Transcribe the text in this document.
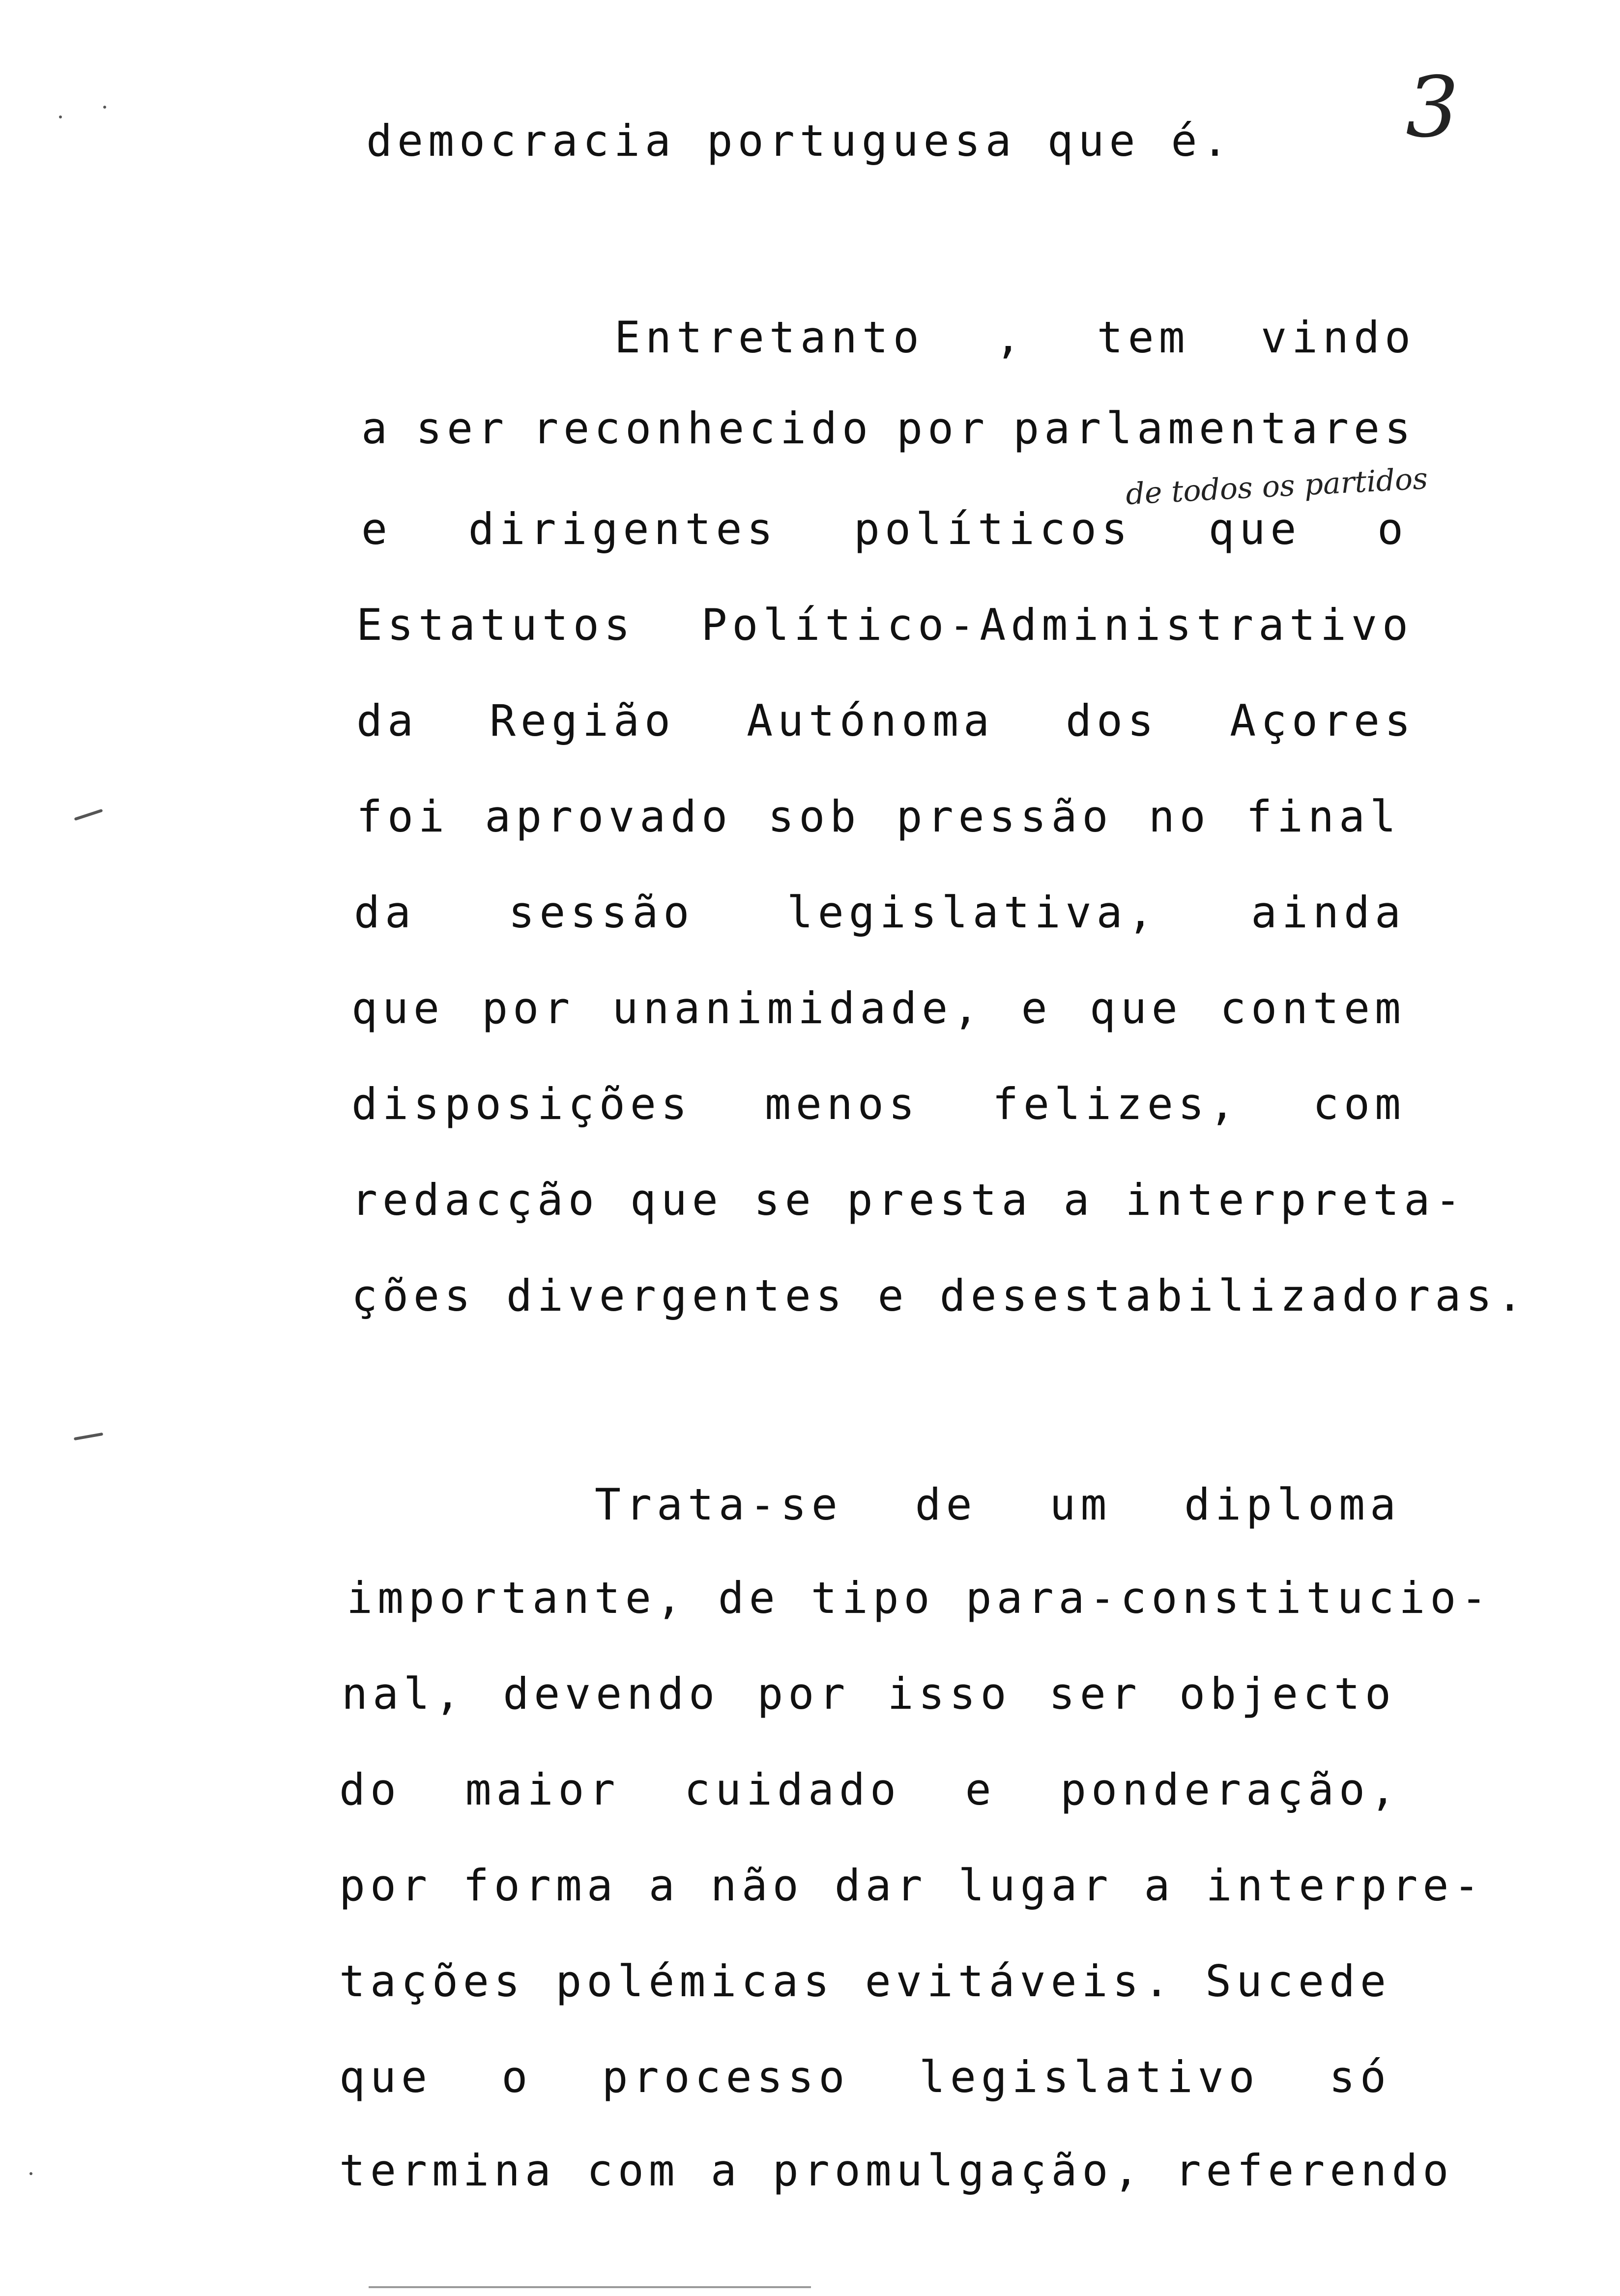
3
de todos os partidos
democracia portuguesa que é.
Entretanto , tem vindo
a ser reconhecido por parlamentares
e dirigentes políticos que o
Estatutos Político-Administrativo
da Região Autónoma dos Açores
foi aprovado sob pressão no final
da sessão legislativa, ainda
que por unanimidade, e que contem
disposições menos felizes, com
redacção que se presta a interpreta-
ções divergentes e desestabilizadoras.
Trata-se de um diploma
importante, de tipo para-constitucio-
nal, devendo por isso ser objecto
do maior cuidado e ponderação,
por forma a não dar lugar a interpre-
tações polémicas evitáveis. Sucede
que o processo legislativo só
termina com a promulgação, referendo
